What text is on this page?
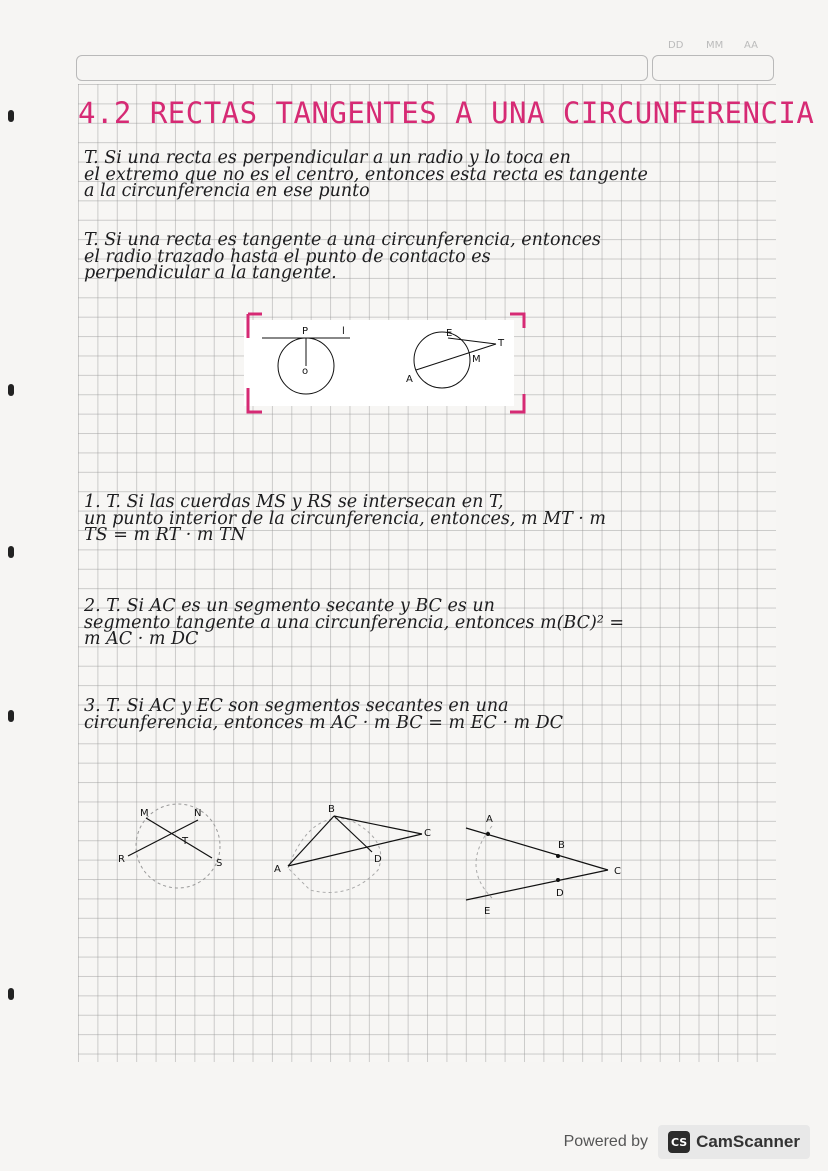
DD MM AA
4.2 RECTAS TANGENTES A UNA CIRCUNFERENCIA
T. Si una recta es perpendicular a un radio y lo toca en
el extremo que no es el centro, entonces esta recta es tangente
a la circunferencia en ese punto
T. Si una recta es tangente a una circunferencia, entonces
el radio trazado hasta el punto de contacto es
perpendicular a la tangente.
P	l
o
E
T
M
A
1. T. Si las cuerdas MS y RS se intersecan en T,
un punto interior de la circunferencia, entonces, m MT · m
TS = m RT · m TN
2. T. Si AC es un segmento secante y BC es un
segmento tangente a una circunferencia, entonces m(BC)² =
m AC · m DC
3. T. Si AC y EC son segmentos secantes en una
circunferencia, entonces m AC · m BC = m EC · m DC
M	N
T
R	S
B
C
D
A
A
B
C
D
E
Powered by CS CamScanner
